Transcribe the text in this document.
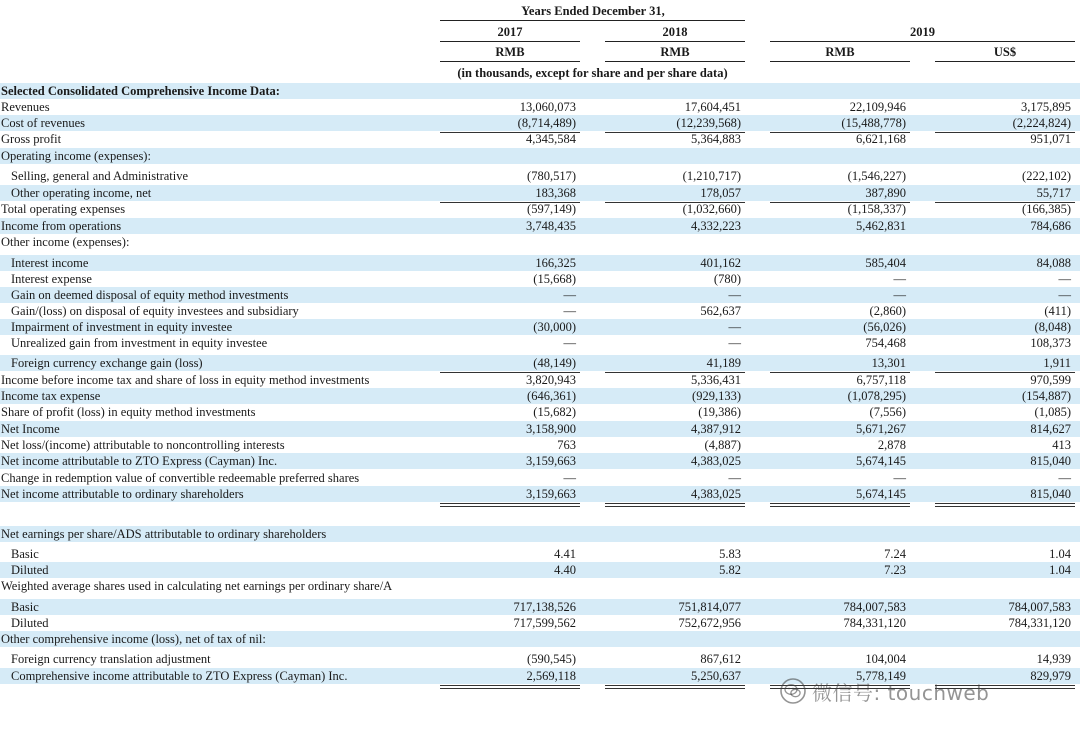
Years Ended December 31,
2017	2018	2019
RMB	RMB	RMB	US$
(in thousands, except for share and per share data)
Selected Consolidated Comprehensive Income Data:
Revenues	13,060,073	17,604,451	22,109,946	3,175,895
Cost of revenues	(8,714,489)	(12,239,568)	(15,488,778)	(2,224,824)
Gross profit	4,345,584	5,364,883	6,621,168	951,071
Operating income (expenses):
Selling, general and Administrative	(780,517)	(1,210,717)	(1,546,227)	(222,102)
Other operating income, net	183,368	178,057	387,890	55,717
Total operating expenses	(597,149)	(1,032,660)	(1,158,337)	(166,385)
Income from operations	3,748,435	4,332,223	5,462,831	784,686
Other income (expenses):
Interest income	166,325	401,162	585,404	84,088
Interest expense	(15,668)	(780)	—	—
Gain on deemed disposal of equity method investments	—	—	—	—
Gain/(loss) on disposal of equity investees and subsidiary	—	562,637	(2,860)	(411)
Impairment of investment in equity investee	(30,000)	—	(56,026)	(8,048)
Unrealized gain from investment in equity investee	—	—	754,468	108,373
Foreign currency exchange gain (loss)	(48,149)	41,189	13,301	1,911
Income before income tax and share of loss in equity method investments	3,820,943	5,336,431	6,757,118	970,599
Income tax expense	(646,361)	(929,133)	(1,078,295)	(154,887)
Share of profit (loss) in equity method investments	(15,682)	(19,386)	(7,556)	(1,085)
Net Income	3,158,900	4,387,912	5,671,267	814,627
Net loss/(income) attributable to noncontrolling interests	763	(4,887)	2,878	413
Net income attributable to ZTO Express (Cayman) Inc.	3,159,663	4,383,025	5,674,145	815,040
Change in redemption value of convertible redeemable preferred shares	—	—	—	—
Net income attributable to ordinary shareholders	3,159,663	4,383,025	5,674,145	815,040
Net earnings per share/ADS attributable to ordinary shareholders
Basic	4.41	5.83	7.24	1.04
Diluted	4.40	5.82	7.23	1.04
Weighted average shares used in calculating net earnings per ordinary share/A
Basic	717,138,526	751,814,077	784,007,583	784,007,583
Diluted	717,599,562	752,672,956	784,331,120	784,331,120
Other comprehensive income (loss), net of tax of nil:
Foreign currency translation adjustment	(590,545)	867,612	104,004	14,939
Comprehensive income attributable to ZTO Express (Cayman) Inc.	2,569,118	5,250,637	5,778,149	829,979
微信号: touchweb
